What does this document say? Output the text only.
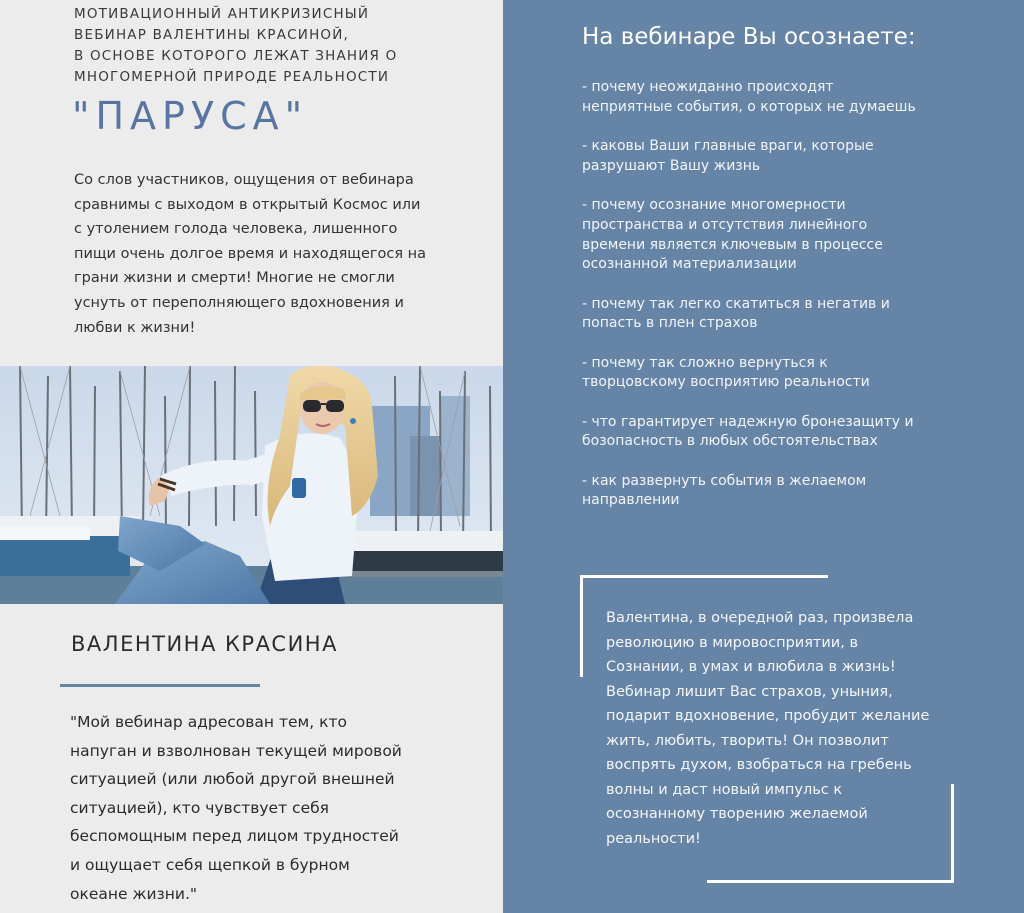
МОТИВАЦИОННЫЙ АНТИКРИЗИСНЫЙ
ВЕБИНАР ВАЛЕНТИНЫ КРАСИНОЙ,
В ОСНОВЕ КОТОРОГО ЛЕЖАТ ЗНАНИЯ О
МНОГОМЕРНОЙ ПРИРОДЕ РЕАЛЬНОСТИ

"ПАРУСА"

Со слов участников, ощущения от вебинара
сравнимы с выходом в открытый Космос или
с утолением голода человека, лишенного
пищи очень долгое время и находящегося на
грани жизни и смерти! Многие не смогли
уснуть от переполняющего вдохновения и
любви к жизни!

ВАЛЕНТИНА КРАСИНА

"Мой вебинар адресован тем, кто
напуган и взволнован текущей мировой
ситуацией (или любой другой внешней
ситуацией), кто чувствует себя
беспомощным перед лицом трудностей
и ощущает себя щепкой в бурном
океане жизни."

На вебинаре Вы осознаете:
- почему неожиданно происходят
неприятные события, о которых не думаешь
- каковы Ваши главные враги, которые
разрушают Вашу жизнь
- почему осознание многомерности
пространства и отсутствия линейного
времени является ключевым в процессе
осознанной материализации
- почему так легко скатиться в негатив и
попасть в плен страхов
- почему так сложно вернуться к
творцовскому восприятию реальности
- что гарантирует надежную бронезащиту и
бозопасность в любых обстоятельствах
- как развернуть события в желаемом
направлении

Валентина, в очередной раз, произвела
революцию в мировосприятии, в
Сознании, в умах и влюбила в жизнь!
Вебинар лишит Вас страхов, уныния,
подарит вдохновение, пробудит желание
жить, любить, творить! Он позволит
воспрять духом, взобраться на гребень
волны и даст новый импульс к
осознанному творению желаемой
реальности!
